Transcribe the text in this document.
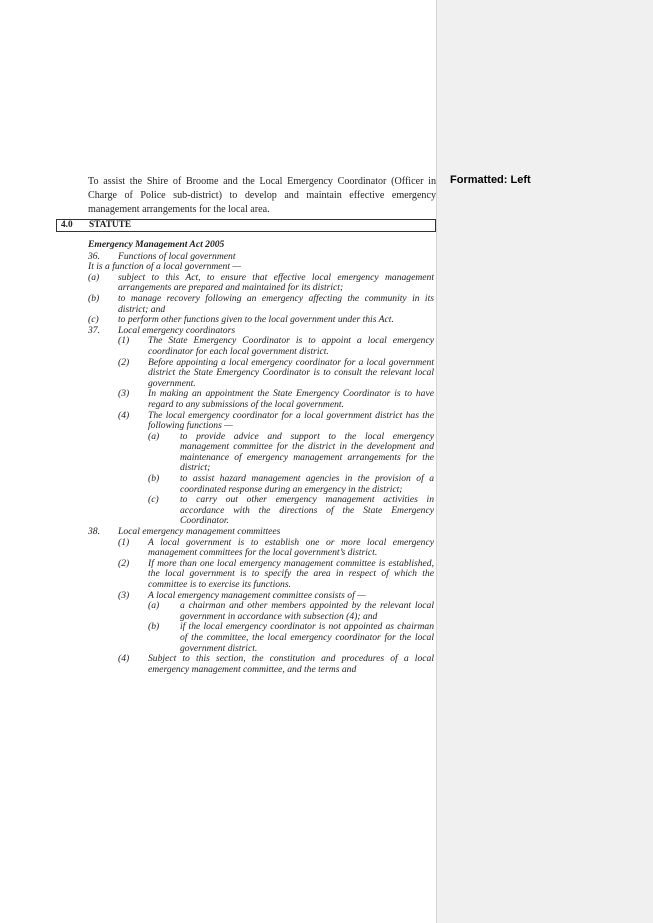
Formatted: Left
To assist the Shire of Broome and the Local Emergency Coordinator (Officer in Charge of Police sub-district) to develop and maintain effective emergency management arrangements for the local area.
4.0 STATUTE
Emergency Management Act 2005
36.	Functions of local government
It is a function of a local government —
(a)	subject to this Act, to ensure that effective local emergency management arrangements are prepared and maintained for its district;
(b)	to manage recovery following an emergency affecting the community in its district; and
(c)	to perform other functions given to the local government under this Act.
37.	Local emergency coordinators
(1)	The State Emergency Coordinator is to appoint a local emergency coordinator for each local government district.
(2)	Before appointing a local emergency coordinator for a local government district the State Emergency Coordinator is to consult the relevant local government.
(3)	In making an appointment the State Emergency Coordinator is to have regard to any submissions of the local government.
(4)	The local emergency coordinator for a local government district has the following functions —
(a)	to provide advice and support to the local emergency management committee for the district in the development and maintenance of emergency management arrangements for the district;
(b)	to assist hazard management agencies in the provision of a coordinated response during an emergency in the district;
(c)	to carry out other emergency management activities in accordance with the directions of the State Emergency Coordinator.
38.	Local emergency management committees
(1)	A local government is to establish one or more local emergency management committees for the local government’s district.
(2)	If more than one local emergency management committee is established, the local government is to specify the area in respect of which the committee is to exercise its functions.
(3)	A local emergency management committee consists of —
(a)	a chairman and other members appointed by the relevant local government in accordance with subsection (4); and
(b)	if the local emergency coordinator is not appointed as chairman of the committee, the local emergency coordinator for the local government district.
(4)	Subject to this section, the constitution and procedures of a local emergency management committee, and the terms and
